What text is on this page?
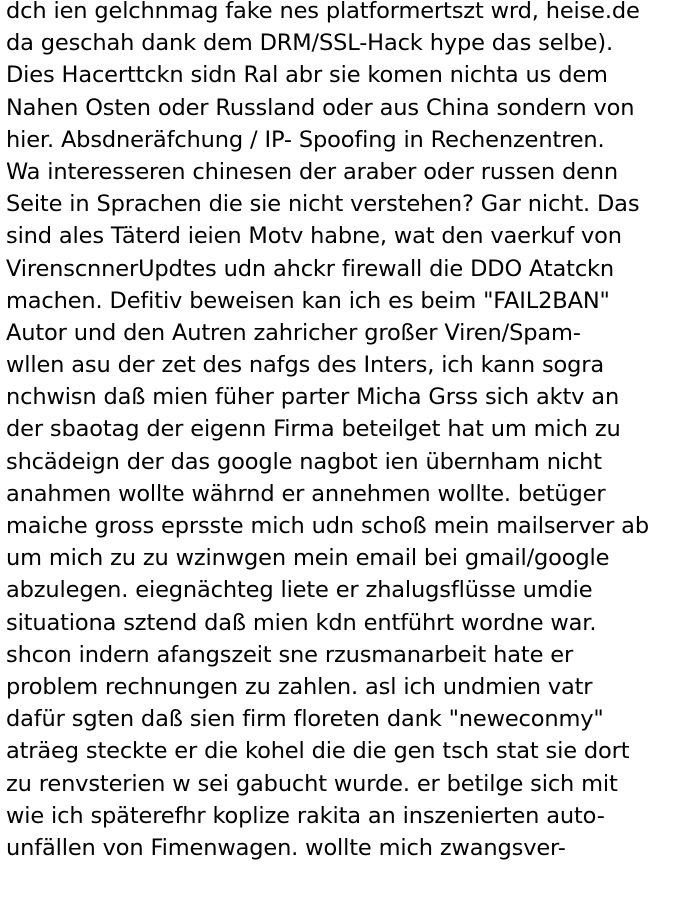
dch ien gelchnmag fake nes platformertszt wrd, heise.de

da geschah dank dem DRM/SSL-Hack hype das selbe).

Dies Hacerttckn sidn Ral abr sie komen nichta us dem

Nahen Osten oder Russland oder aus China sondern von

hier. Absdneräfchung / IP- Spoofing in Rechenzentren.

Wa interesseren chinesen der araber oder russen denn

Seite in Sprachen die sie nicht verstehen? Gar nicht. Das

sind ales Täterd ieien Motv habne, wat den vaerkuf von

VirenscnnerUpdtes udn ahckr firewall die DDO Atatckn

machen. Defitiv beweisen kan ich es beim "FAIL2BAN"

Autor und den Autren zahricher großer Viren/Spam-

wllen asu der zet des nafgs des Inters, ich kann sogra

nchwisn daß mien füher parter Micha Grss sich aktv an

der sbaotag der eigenn Firma beteilget hat um mich zu

shcädeign der das google nagbot ien übernham nicht

anahmen wollte währnd er annehmen wollte. betüger

maiche gross eprsste mich udn schoß mein mailserver ab

um mich zu zu wzinwgen mein email bei gmail/google

abzulegen. eiegnächteg liete er zhalugsflüsse umdie

situationa sztend daß mien kdn entführt wordne war.

shcon indern afangszeit sne rzusmanarbeit hate er

problem rechnungen zu zahlen. asl ich undmien vatr

dafür sgten daß sien firm floreten dank "neweconmy"

aträeg steckte er die kohel die die gen tsch stat sie dort

zu renvsterien w sei gabucht wurde. er betilge sich mit

wie ich späterefhr koplize rakita an inszenierten auto-

unfällen von Fimenwagen. wollte mich zwangsver-
